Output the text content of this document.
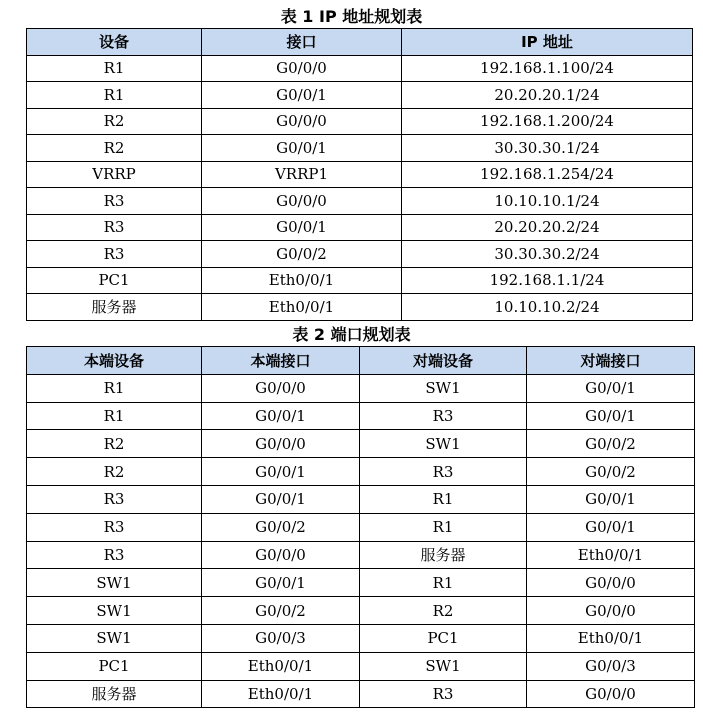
表 1 IP 地址规划表
设备	接口	IP 地址
R1	G0/0/0	192.168.1.100/24
R1	G0/0/1	20.20.20.1/24
R2	G0/0/0	192.168.1.200/24
R2	G0/0/1	30.30.30.1/24
VRRP	VRRP1	192.168.1.254/24
R3	G0/0/0	10.10.10.1/24
R3	G0/0/1	20.20.20.2/24
R3	G0/0/2	30.30.30.2/24
PC1	Eth0/0/1	192.168.1.1/24
服务器	Eth0/0/1	10.10.10.2/24
表 2 端口规划表
本端设备	本端接口	对端设备	对端接口
R1	G0/0/0	SW1	G0/0/1
R1	G0/0/1	R3	G0/0/1
R2	G0/0/0	SW1	G0/0/2
R2	G0/0/1	R3	G0/0/2
R3	G0/0/1	R1	G0/0/1
R3	G0/0/2	R1	G0/0/1
R3	G0/0/0	服务器	Eth0/0/1
SW1	G0/0/1	R1	G0/0/0
SW1	G0/0/2	R2	G0/0/0
SW1	G0/0/3	PC1	Eth0/0/1
PC1	Eth0/0/1	SW1	G0/0/3
服务器	Eth0/0/1	R3	G0/0/0
